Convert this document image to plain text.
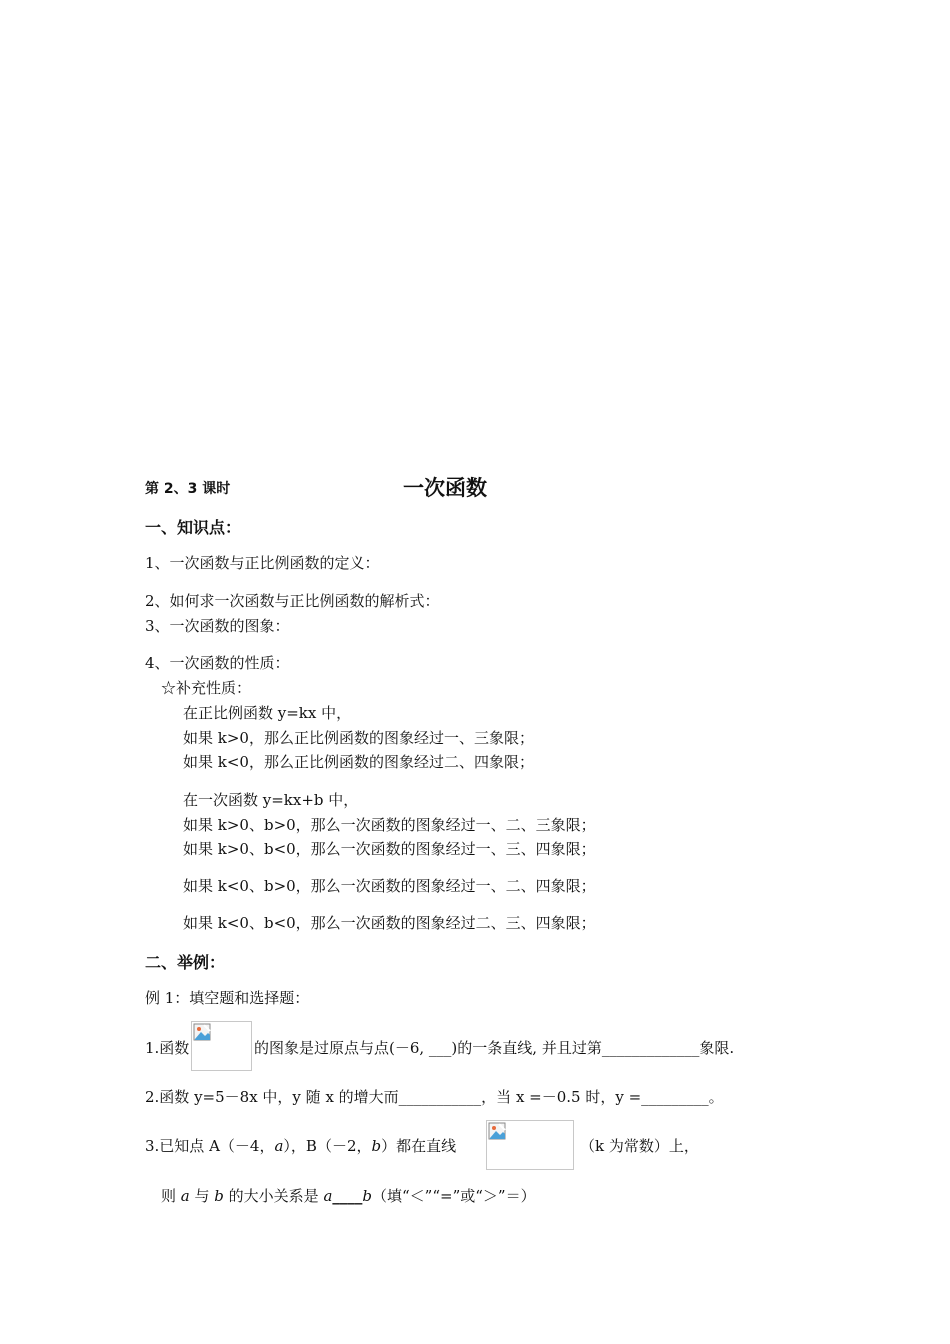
第 2、3 课时	一次函数
一、知识点：
1、一次函数与正比例函数的定义：
2、如何求一次函数与正比例函数的解析式：
3、一次函数的图象：
4、一次函数的性质：
☆补充性质：
在正比例函数 y=kx 中，
如果 k>0，那么正比例函数的图象经过一、三象限；
如果 k<0，那么正比例函数的图象经过二、四象限；
在一次函数 y=kx+b 中，
如果 k>0、b>0，那么一次函数的图象经过一、二、三象限；
如果 k>0、b<0，那么一次函数的图象经过一、三、四象限；
如果 k<0、b>0，那么一次函数的图象经过一、二、四象限；
如果 k<0、b<0，那么一次函数的图象经过二、三、四象限；
二、举例：
例 1：填空题和选择题：
1.函数	的图象是过原点与点(－6, ___)的一条直线, 并且过第_____________象限.
2.函数 y=5－8x 中，y 随 x 的增大而___________，当 x =－0.5 时，y =_________。
3.已知点 A（－4，a），B（－2，b）都在直线	（k 为常数）上，
则 a 与 b 的大小关系是 a____b（填“＜”“=”或“＞”＝）
